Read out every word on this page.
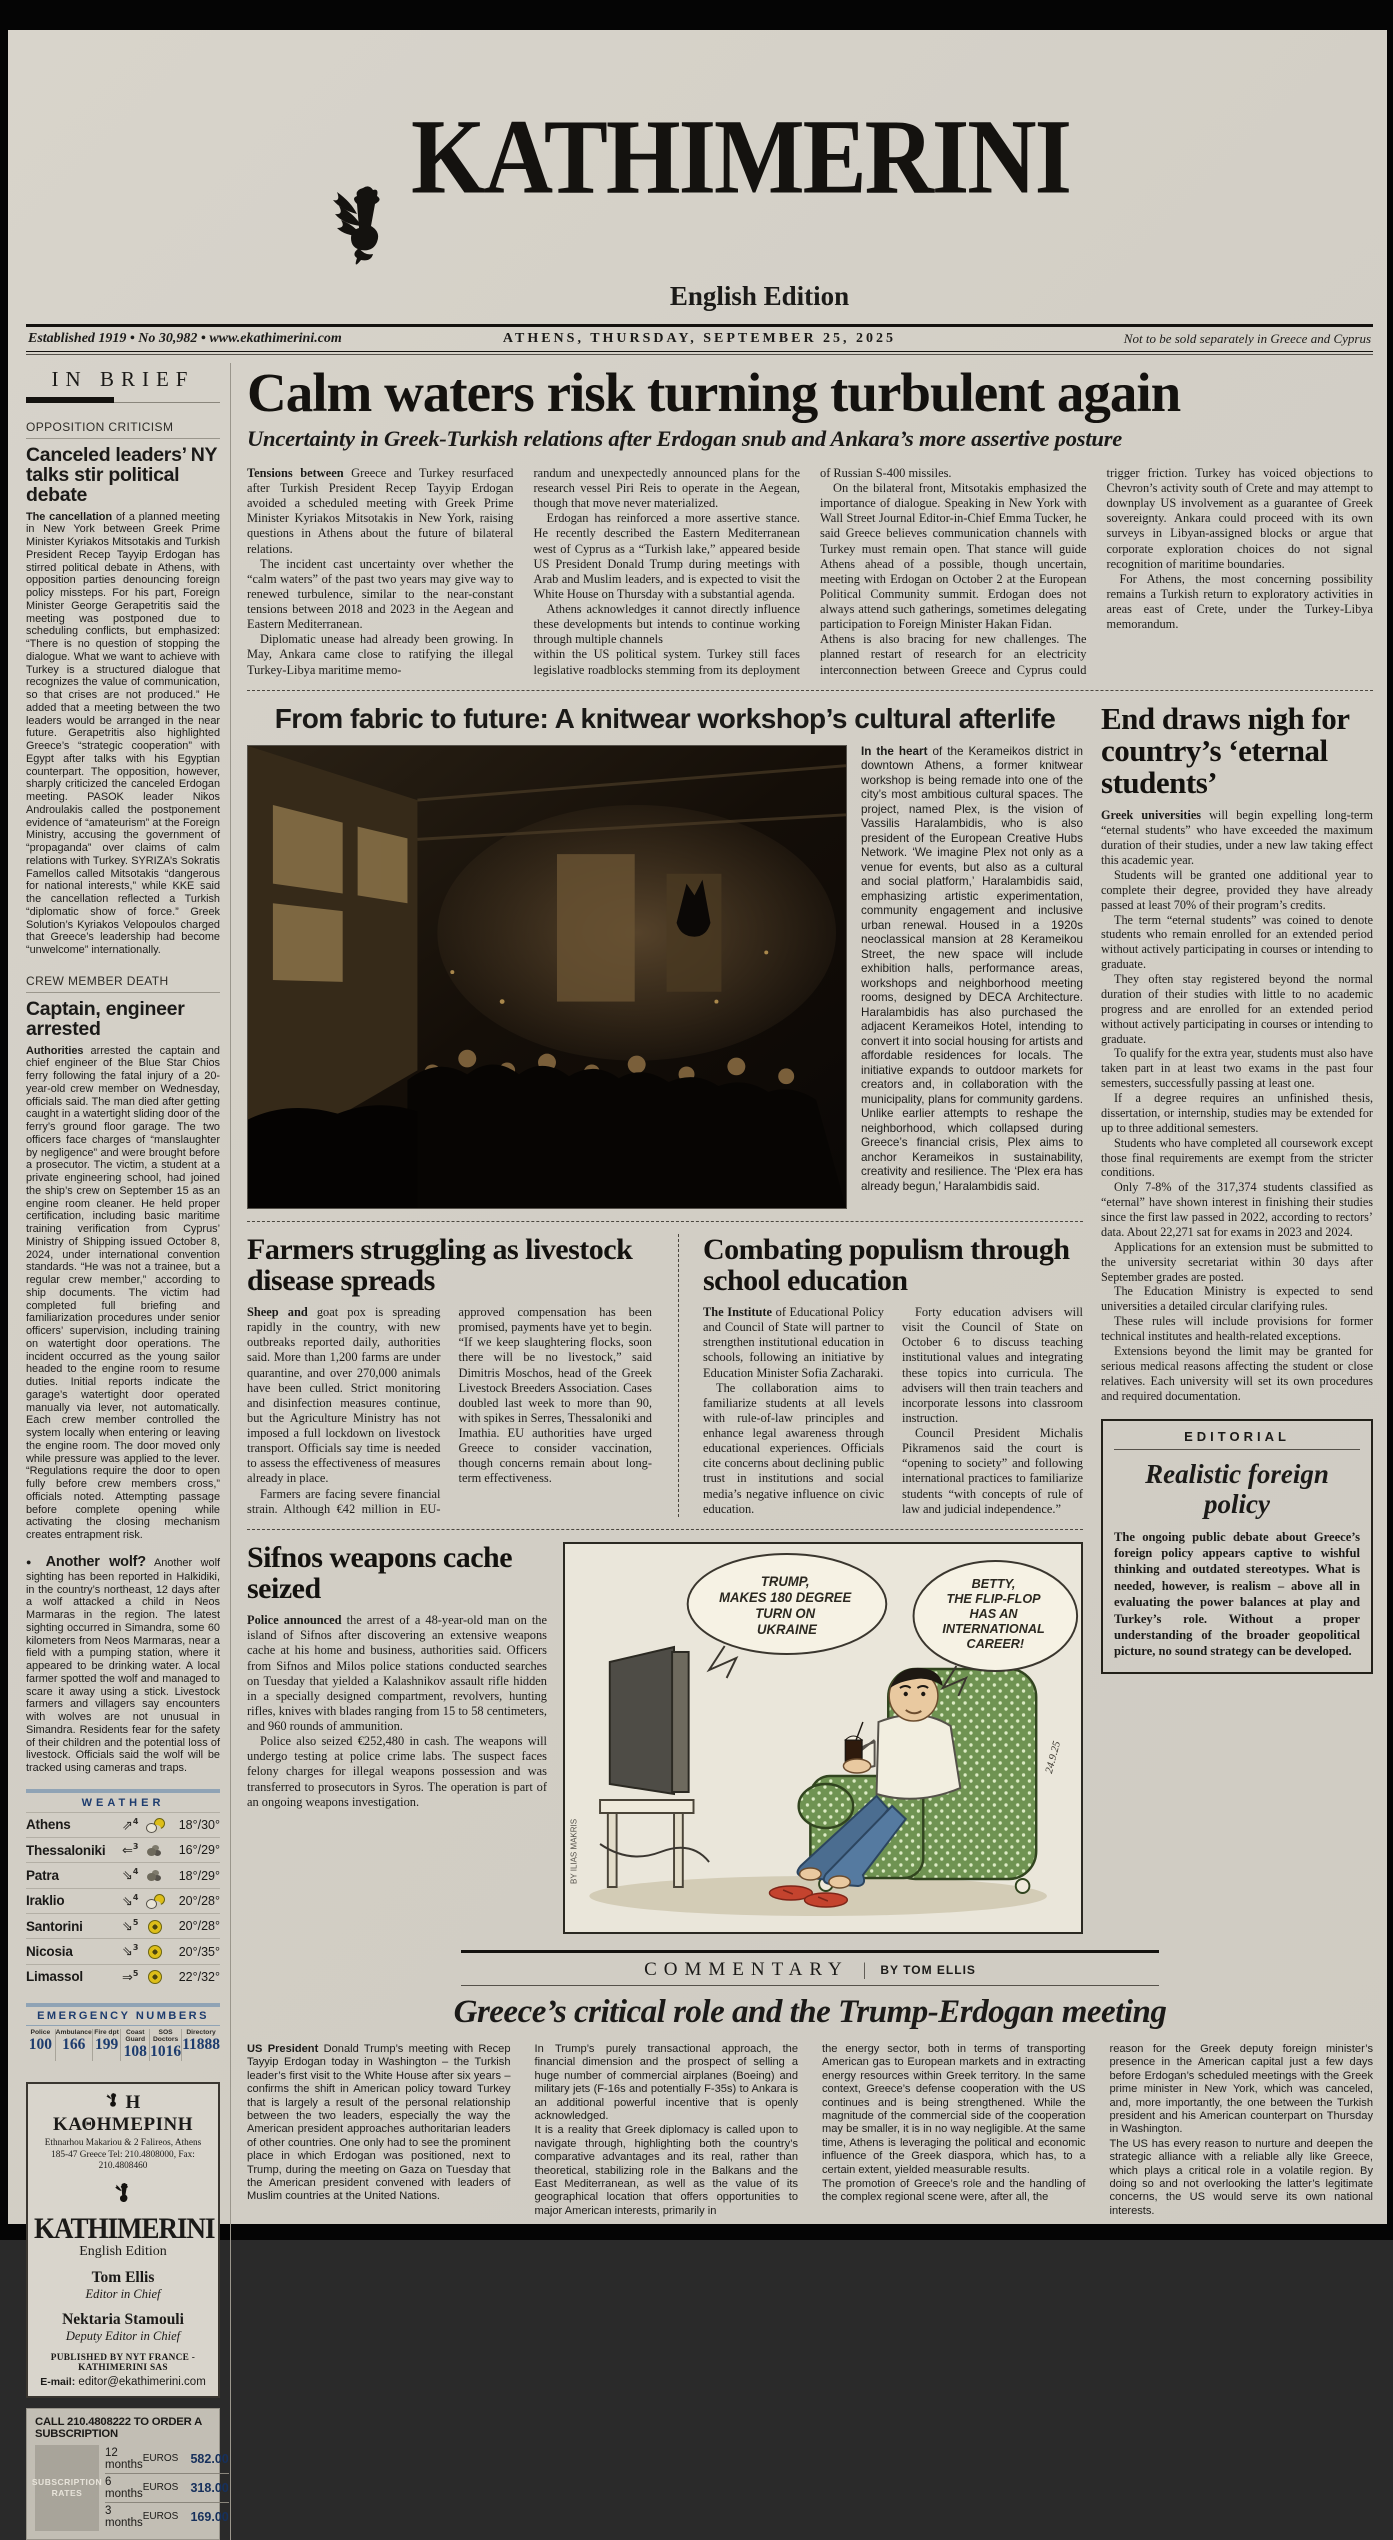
KATHIMERINI
English Edition
Established 1919 • No 30,982 • www.ekathimerini.com	ATHENS, THURSDAY, SEPTEMBER 25, 2025	Not to be sold separately in Greece and Cyprus
IN BRIEF
OPPOSITION CRITICISM
Canceled leaders’ NY talks stir political debate

The cancellation of a planned meeting in New York between Greek Prime Minister Kyriakos Mitsotakis and Turkish President Recep Tayyip Erdogan has stirred political debate in Athens, with opposition parties denouncing foreign policy missteps. For his part, Foreign Minister George Gerapetritis said the meeting was postponed due to scheduling conflicts, but emphasized: “There is no question of stopping the dialogue. What we want to achieve with Turkey is a structured dialogue that recognizes the value of communication, so that crises are not produced.” He added that a meeting between the two leaders would be arranged in the near future. Gerapetritis also highlighted Greece’s “strategic cooperation” with Egypt after talks with his Egyptian counterpart. The opposition, however, sharply criticized the canceled Erdogan meeting. PASOK leader Nikos Androulakis called the postponement evidence of “amateurism” at the Foreign Ministry, accusing the government of “propaganda” over claims of calm relations with Turkey. SYRIZA’s Sokratis Famellos called Mitsotakis “dangerous for national interests,” while KKE said the cancellation reflected a Turkish “diplomatic show of force.” Greek Solution’s Kyriakos Velopoulos charged that Greece’s leadership had become “unwelcome” internationally.

CREW MEMBER DEATH
Captain, engineer arrested

Authorities arrested the captain and chief engineer of the Blue Star Chios ferry following the fatal injury of a 20-year-old crew member on Wednesday, officials said. The man died after getting caught in a watertight sliding door of the ferry’s ground floor garage. The two officers face charges of “manslaughter by negligence” and were brought before a prosecutor. The victim, a student at a private engineering school, had joined the ship’s crew on September 15 as an engine room cleaner. He held proper certification, including basic maritime training verification from Cyprus’ Ministry of Shipping issued October 8, 2024, under international convention standards. “He was not a trainee, but a regular crew member,” according to ship documents. The victim had completed full briefing and familiarization procedures under senior officers’ supervision, including training on watertight door operations. The incident occurred as the young sailor headed to the engine room to resume duties. Initial reports indicate the garage’s watertight door operated manually via lever, not automatically. Each crew member controlled the system locally when entering or leaving the engine room. The door moved only while pressure was applied to the lever. “Regulations require the door to open fully before crew members cross,” officials noted. Attempting passage before complete opening while activating the closing mechanism creates entrapment risk.

● Another wolf? Another wolf sighting has been reported in Halkidiki, in the country’s northeast, 12 days after a wolf attacked a child in Neos Marmaras in the region. The latest sighting occurred in Simandra, some 60 kilometers from Neos Marmaras, near a field with a pumping station, where it appeared to be drinking water. A local farmer spotted the wolf and managed to scare it away using a stick. Livestock farmers and villagers say encounters with wolves are not unusual in Simandra. Residents fear for the safety of their children and the potential loss of livestock. Officials said the wolf will be tracked using cameras and traps.

WEATHER
Athens	⇗$^4$	18°/30°
Thessaloniki	⇐$^3$	16°/29°
Patra	⇘$^4$	18°/29°
Iraklio	⇘$^4$	20°/28°
Santorini	⇘$^5$	20°/28°
Nicosia	⇘$^3$	20°/35°
Limassol	⇒$^5$	22°/32°
EMERGENCY NUMBERS
Police
100
Ambulance
166
Fire dpt
199
Coast Guard
108
SOS Doctors
1016
Directory
11888
Η ΚΑΘΗΜΕΡΙΝΗ
Ethnarhou Makariou & 2 Falireos, Athens
185-47 Greece Tel: 210.4808000, Fax: 210.4808460
KATHIMERINI
English Edition
Tom Ellis
Editor in Chief
Nektaria Stamouli
Deputy Editor in Chief
PUBLISHED BY NYT FRANCE - KATHIMERINI SAS
E-mail: editor@ekathimerini.com
CALL 210.4808222 TO ORDER A SUBSCRIPTION
SUBSCRIPTION RATES
12 months EUROS 582.00
6 months EUROS 318.00
3 months EUROS 169.00
Calm waters risk turning turbulent again
Uncertainty in Greek-Turkish relations after Erdogan snub and Ankara’s more assertive posture

Tensions between Greece and Turkey resurfaced after Turkish President Recep Tayyip Erdogan avoided a scheduled meeting with Greek Prime Minister Kyriakos Mitsotakis in New York, raising questions in Athens about the future of bilateral relations.

The incident cast uncertainty over whether the “calm waters” of the past two years may give way to renewed turbulence, similar to the near-constant tensions between 2018 and 2023 in the Aegean and Eastern Mediterranean.

Diplomatic unease had already been growing. In May, Ankara came close to ratifying the illegal Turkey-Libya maritime memo-

randum and unexpectedly announced plans for the research vessel Piri Reis to operate in the Aegean, though that move never materialized.

Erdogan has reinforced a more assertive stance. He recently described the Eastern Mediterranean west of Cyprus as a “Turkish lake,” appeared beside US President Donald Trump during meetings with Arab and Muslim leaders, and is expected to visit the White House on Thursday with a substantial agenda.

Athens acknowledges it cannot directly influence these developments but intends to continue working through multiple channels

within the US political system. Turkey still faces legislative roadblocks stemming from its deployment of Russian S-400 missiles.

On the bilateral front, Mitsotakis emphasized the importance of dialogue. Speaking in New York with Wall Street Journal Editor-in-Chief Emma Tucker, he said Greece believes communication channels with Turkey must remain open. That stance will guide Athens ahead of a possible, though uncertain, meeting with Erdogan on October 2 at the European Political Community summit. Erdogan does not always attend such gatherings, sometimes delegating participation to Foreign Minister Hakan Fidan.

Athens is also bracing for new challenges. The planned restart of research for an electricity interconnection between Greece and Cyprus could trigger friction. Turkey has voiced objections to Chevron’s activity south of Crete and may attempt to downplay US involvement as a guarantee of Greek sovereignty. Ankara could proceed with its own surveys in Libyan-assigned blocks or argue that corporate exploration choices do not signal recognition of maritime boundaries.

For Athens, the most concerning possibility remains a Turkish return to exploratory activities in areas east of Crete, under the Turkey-Libya memorandum.

From fabric to future: A knitwear workshop’s cultural afterlife

In the heart of the Kerameikos district in downtown Athens, a former knitwear workshop is being remade into one of the city’s most ambitious cultural spaces. The project, named Plex, is the vision of Vassilis Haralambidis, who is also president of the European Creative Hubs Network. ‘We imagine Plex not only as a venue for events, but also as a cultural and social platform,’ Haralambidis said, emphasizing artistic experimentation, community engagement and inclusive urban renewal. Housed in a 1920s neoclassical mansion at 28 Kerameikou Street, the new space will include exhibition halls, performance areas, workshops and neighborhood meeting rooms, designed by DECA Architecture. Haralambidis has also purchased the adjacent Kerameikos Hotel, intending to convert it into social housing for artists and affordable residences for locals. The initiative expands to outdoor markets for creators and, in collaboration with the municipality, plans for community gardens. Unlike earlier attempts to reshape the neighborhood, which collapsed during Greece’s financial crisis, Plex aims to anchor Kerameikos in sustainability, creativity and resilience. The ‘Plex era has already begun,’ Haralambidis said.

Farmers struggling as livestock disease spreads

Sheep and goat pox is spreading rapidly in the country, with new outbreaks reported daily, authorities said. More than 1,200 farms are under quarantine, and over 270,000 animals have been culled. Strict monitoring and disinfection measures continue, but the Agriculture Ministry has not imposed a full lockdown on livestock transport. Officials say time is needed to assess the effectiveness of measures already in place.

Farmers are facing severe financial strain. Although €42 million in EU-approved compensation has been promised, payments have yet to begin. “If we keep slaughtering flocks, soon there will be no livestock,” said Dimitris Moschos, head of the Greek Livestock Breeders Association. Cases doubled last week to more than 90, with spikes in Serres, Thessaloniki and Imathia. EU authorities have urged Greece to consider vaccination, though concerns remain about long-term effectiveness.

Combating populism through school education

The Institute of Educational Policy and Council of State will partner to strengthen institutional education in schools, following an initiative by Education Minister Sofia Zacharaki.

The collaboration aims to familiarize students at all levels with rule-of-law principles and enhance legal awareness through educational experiences. Officials cite concerns about declining public trust in institutions and social media’s negative influence on civic education.

Forty education advisers will visit the Council of State on October 6 to discuss teaching institutional values and integrating these topics into curricula. The advisers will then train teachers and incorporate lessons into classroom instruction.

Council President Michalis Pikramenos said the court is “opening to society” and following international practices to familiarize students “with concepts of rule of law and judicial independence.”

Sifnos weapons cache seized

Police announced the arrest of a 48-year-old man on the island of Sifnos after discovering an extensive weapons cache at his home and business, authorities said. Officers from Sifnos and Milos police stations conducted searches on Tuesday that yielded a Kalashnikov assault rifle hidden in a specially designed compartment, revolvers, hunting rifles, knives with blades ranging from 15 to 58 centimeters, and 960 rounds of ammunition.

Police also seized €252,480 in cash. The weapons will undergo testing at police crime labs. The suspect faces felony charges for illegal weapons possession and was transferred to prosecutors in Syros. The operation is part of an ongoing weapons investigation.

TRUMP, MAKES 180 DEGREE TURN ON UKRAINE
BETTY, THE FLIP-FLOP HAS AN INTERNATIONAL CAREER!
BY ILIAS MAKRIS
24.9.25
End draws nigh for country’s ‘eternal students’

Greek universities will begin expelling long-term “eternal students” who have exceeded the maximum duration of their studies, under a new law taking effect this academic year.

Students will be granted one additional year to complete their degree, provided they have already passed at least 70% of their program’s credits.

The term “eternal students” was coined to denote students who remain enrolled for an extended period without actively participating in courses or intending to graduate.

They often stay registered beyond the normal duration of their studies with little to no academic progress and are enrolled for an extended period without actively participating in courses or intending to graduate.

To qualify for the extra year, students must also have taken part in at least two exams in the past four semesters, successfully passing at least one.

If a degree requires an unfinished thesis, dissertation, or internship, studies may be extended for up to three additional semesters.

Students who have completed all coursework except those final requirements are exempt from the stricter conditions.

Only 7-8% of the 317,374 students classified as “eternal” have shown interest in finishing their studies since the first law passed in 2022, according to rectors’ data. About 22,271 sat for exams in 2023 and 2024.

Applications for an extension must be submitted to the university secretariat within 30 days after September grades are posted.

The Education Ministry is expected to send universities a detailed circular clarifying rules.

These rules will include provisions for former technical institutes and health-related exceptions.

Extensions beyond the limit may be granted for serious medical reasons affecting the student or close relatives. Each university will set its own procedures and required documentation.

EDITORIAL
Realistic foreign policy
The ongoing public debate about Greece’s foreign policy appears captive to wishful thinking and outdated stereotypes. What is needed, however, is realism – above all in evaluating the power balances at play and Turkey’s role. Without a proper understanding of the broader geopolitical picture, no sound strategy can be developed.
COMMENTARY | BY TOM ELLIS
Greece’s critical role and the Trump-Erdogan meeting

US President Donald Trump’s meeting with Recep Tayyip Erdogan today in Washington – the Turkish leader’s first visit to the White House after six years – confirms the shift in American policy toward Turkey that is largely a result of the personal relationship between the two leaders, especially the way the American president approaches authoritarian leaders of other countries. One only had to see the prominent place in which Erdogan was positioned, next to Trump, during the meeting on Gaza on Tuesday that the American president convened with leaders of Muslim countries at the United Nations.

In Trump’s purely transactional approach, the financial dimension and the prospect of selling a huge number of commercial airplanes (Boeing) and military jets (F-16s and potentially F-35s) to Ankara is an additional powerful incentive that is openly acknowledged.

It is a reality that Greek diplomacy is called upon to navigate through, highlighting both the country’s comparative advantages and its real, rather than theoretical, stabilizing role in the Balkans and the East Mediterranean, as well as the value of its geographical location that offers opportunities to major American interests, primarily in

the energy sector, both in terms of transporting American gas to European markets and in extracting energy resources within Greek territory. In the same context, Greece’s defense cooperation with the US continues and is being strengthened. While the magnitude of the commercial side of the cooperation may be smaller, it is in no way negligible. At the same time, Athens is leveraging the political and economic influence of the Greek diaspora, which has, to a certain extent, yielded measurable results.

The promotion of Greece’s role and the handling of the complex regional scene were, after all, the

reason for the Greek deputy foreign minister’s presence in the American capital just a few days before Erdogan’s scheduled meetings with the Greek prime minister in New York, which was canceled, and, more importantly, the one between the Turkish president and his American counterpart on Thursday in Washington.

The US has every reason to nurture and deepen the strategic alliance with a reliable ally like Greece, which plays a critical role in a volatile region. By doing so and not overlooking the latter’s legitimate concerns, the US would serve its own national interests.
